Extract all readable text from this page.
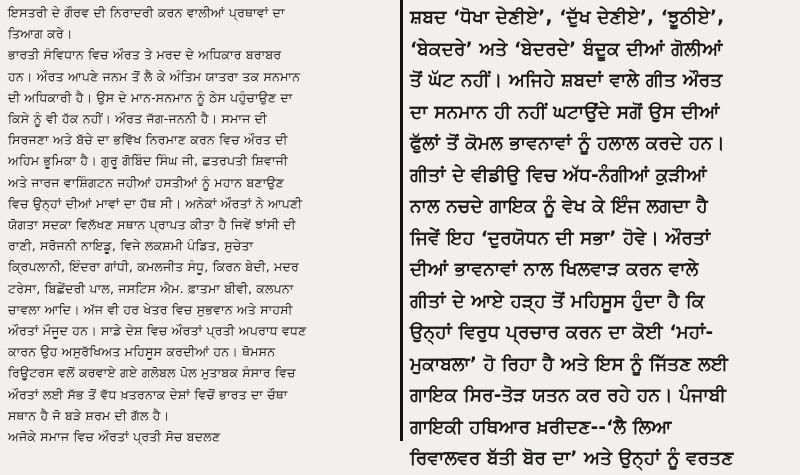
ਇਸਤਰੀ ਦੇ ਗੌਰਵ ਦੀ ਨਿਰਾਦਰੀ ਕਰਨ ਵਾਲੀਆਂ ਪ੍ਰਥਾਵਾਂ ਦਾ
ਤਿਆਗ ਕਰੇ।
ਭਾਰਤੀ ਸੰਵਿਧਾਨ ਵਿਚ ਔਰਤ ਤੇ ਮਰਦ ਦੇ ਅਧਿਕਾਰ ਬਰਾਬਰ
ਹਨ। ਔਰਤ ਆਪਣੇ ਜਨਮ ਤੋਂ ਲੈ ਕੇ ਅੰਤਿਮ ਯਾਤਰਾ ਤਕ ਸਨਮਾਨ
ਦੀ ਅਧਿਕਾਰੀ ਹੈ। ਉਸ ਦੇ ਮਾਨ-ਸਨਮਾਨ ਨੂੰ ਠੇਸ ਪਹੁੰਚਾਉਣ ਦਾ
ਕਿਸੇ ਨੂੰ ਵੀ ਹੱਕ ਨਹੀਂ। ਔਰਤ ਜੱਗ-ਜਨਨੀ ਹੈ। ਸਮਾਜ ਦੀ
ਸਿਰਜਣਾ ਅਤੇ ਬੱਚੇ ਦਾ ਭਵਿੱਖ ਨਿਰਮਾਣ ਕਰਨ ਵਿਚ ਔਰਤ ਦੀ
ਅਹਿਮ ਭੂਮਿਕਾ ਹੈ। ਗੁਰੂ ਗੋਬਿੰਦ ਸਿੰਘ ਜੀ, ਛਤਰਪਤੀ ਸ਼ਿਵਾਜੀ
ਅਤੇ ਜਾਰਜ ਵਾਸ਼ਿੰਗਟਨ ਜਹੀਆਂ ਹਸਤੀਆਂ ਨੂੰ ਮਹਾਨ ਬਣਾਉਣ
ਵਿਚ ਉਨ੍ਹਾਂ ਦੀਆਂ ਮਾਵਾਂ ਦਾ ਹੱਥ ਸੀ। ਅਨੇਕਾਂ ਔਰਤਾਂ ਨੇ ਆਪਣੀ
ਯੋਗਤਾ ਸਦਕਾ ਵਿਲੱਖਣ ਸਥਾਨ ਪ੍ਰਾਪਤ ਕੀਤਾ ਹੈ ਜਿਵੇਂ ਝਾਂਸੀ ਦੀ
ਰਾਣੀ, ਸਰੋਜਨੀ ਨਾਇਡੂ, ਵਿਜੇ ਲਕਸ਼ਮੀ ਪੰਡਿਤ, ਸੁਚੇਤਾ
ਕ੍ਰਿਪਲਾਨੀ, ਇੰਦਰਾ ਗਾਂਧੀ, ਕਮਲਜੀਤ ਸੰਧੂ, ਕਿਰਨ ਬੇਦੀ, ਮਦਰ
ਟਰੇਸਾ, ਬਿਛੇਂਦਰੀ ਪਾਲ, ਜਸਟਿਸ ਐਮ. ਫ਼ਾਤਮਾ ਬੀਵੀ, ਕਲਪਨਾ
ਚਾਵਲਾ ਆਦਿ। ਅੱਜ ਵੀ ਹਰ ਖੇਤਰ ਵਿਚ ਸੁਭਵਾਨ ਅਤੇ ਸਾਹਸੀ
ਔਰਤਾਂ ਮੌਜੂਦ ਹਨ। ਸਾਡੇ ਦੇਸ਼ ਵਿਚ ਔਰਤਾਂ ਪ੍ਰਤੀ ਅਪਰਾਧ ਵਧਣ
ਕਾਰਨ ਉਹ ਅਸੁਰੱਖਿਅਤ ਮਹਿਸੂਸ ਕਰਦੀਆਂ ਹਨ। ਥੋਮਸਨ
ਰਿਊਟਰਸ ਵਲੋਂ ਕਰਵਾਏ ਗਏ ਗਲੋਬਲ ਪੋਲ ਮੁਤਾਬਕ ਸੰਸਾਰ ਵਿਚ
ਔਰਤਾਂ ਲਈ ਸੱਭ ਤੋਂ ਵੱਧ ਖ਼ਤਰਨਾਕ ਦੇਸ਼ਾਂ ਵਿਚੋਂ ਭਾਰਤ ਦਾ ਚੌਥਾ
ਸਥਾਨ ਹੈ ਜੋ ਬੜੇ ਸ਼ਰਮ ਦੀ ਗੱਲ ਹੈ।
ਅਜੋਕੇ ਸਮਾਜ ਵਿਚ ਔਰਤਾਂ ਪ੍ਰਤੀ ਸੋਚ ਬਦਲਣ
ਸ਼ਬਦ ‘ਧੋਖਾ ਦੇਣੀਏ’, ‘ਦੁੱਖ ਦੇਣੀਏ’, ‘ਝੂਠੀਏ’,
‘ਬੇਕਦਰੇ’ ਅਤੇ ‘ਬੇਦਰਦੇ’ ਬੰਦੂਕ ਦੀਆਂ ਗੋਲੀਆਂ
ਤੋਂ ਘੱਟ ਨਹੀਂ। ਅਜਿਹੇ ਸ਼ਬਦਾਂ ਵਾਲੇ ਗੀਤ ਔਰਤ
ਦਾ ਸਨਮਾਨ ਹੀ ਨਹੀਂ ਘਟਾਉਂਦੇ ਸਗੋਂ ਉਸ ਦੀਆਂ
ਫੁੱਲਾਂ ਤੋਂ ਕੋਮਲ ਭਾਵਨਾਵਾਂ ਨੂੰ ਹਲਾਲ ਕਰਦੇ ਹਨ।
ਗੀਤਾਂ ਦੇ ਵੀਡੀਉ ਵਿਚ ਅੱਧ-ਨੰਗੀਆਂ ਕੁੜੀਆਂ
ਨਾਲ ਨਚਦੇ ਗਾਇਕ ਨੂੰ ਵੇਖ ਕੇ ਇੰਜ ਲਗਦਾ ਹੈ
ਜਿਵੇਂ ਇਹ ‘ਦੁਰਯੋਧਨ ਦੀ ਸਭਾ’ ਹੋਵੇ। ਔਰਤਾਂ
ਦੀਆਂ ਭਾਵਨਾਵਾਂ ਨਾਲ ਖਿਲਵਾੜ ਕਰਨ ਵਾਲੇ
ਗੀਤਾਂ ਦੇ ਆਏ ਹੜ੍ਹ ਤੋਂ ਮਹਿਸੂਸ ਹੁੰਦਾ ਹੈ ਕਿ
ਉਨ੍ਹਾਂ ਵਿਰੁਧ ਪ੍ਰਚਾਰ ਕਰਨ ਦਾ ਕੋਈ ‘ਮਹਾਂ-
ਮੁਕਾਬਲਾ’ ਹੋ ਰਿਹਾ ਹੈ ਅਤੇ ਇਸ ਨੂੰ ਜਿੱਤਣ ਲਈ
ਗਾਇਕ ਸਿਰ-ਤੋੜ ਯਤਨ ਕਰ ਰਹੇ ਹਨ। ਪੰਜਾਬੀ
ਗਾਇਕੀ ਹਥਿਆਰ ਖ਼ਰੀਦਣ--‘ਲੈ ਲਿਆ
ਰਿਵਾਲਵਰ ਬੱਤੀ ਬੋਰ ਦਾ’ ਅਤੇ ਉਨ੍ਹਾਂ ਨੂੰ ਵਰਤਣ
